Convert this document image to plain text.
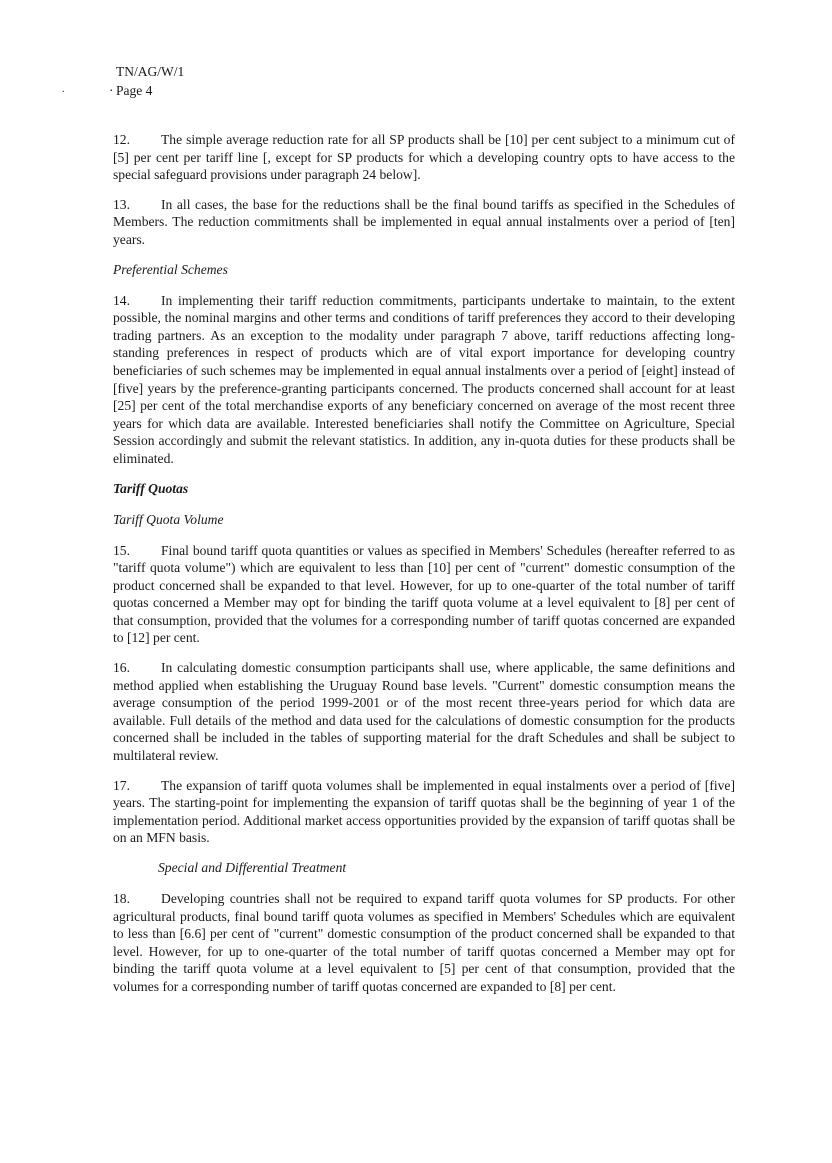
.
TN/AG/W/1
· Page 4

12. The simple average reduction rate for all SP products shall be [10] per cent subject to a minimum cut of [5] per cent per tariff line [, except for SP products for which a developing country opts to have access to the special safeguard provisions under paragraph 24 below].

13. In all cases, the base for the reductions shall be the final bound tariffs as specified in the Schedules of Members. The reduction commitments shall be implemented in equal annual instalments over a period of [ten] years.

Preferential Schemes

14. In implementing their tariff reduction commitments, participants undertake to maintain, to the extent possible, the nominal margins and other terms and conditions of tariff preferences they accord to their developing trading partners. As an exception to the modality under paragraph 7 above, tariff reductions affecting long-standing preferences in respect of products which are of vital export importance for developing country beneficiaries of such schemes may be implemented in equal annual instalments over a period of [eight] instead of [five] years by the preference-granting participants concerned. The products concerned shall account for at least [25] per cent of the total merchandise exports of any beneficiary concerned on average of the most recent three years for which data are available. Interested beneficiaries shall notify the Committee on Agriculture, Special Session accordingly and submit the relevant statistics. In addition, any in-quota duties for these products shall be eliminated.

Tariff Quotas
Tariff Quota Volume

15. Final bound tariff quota quantities or values as specified in Members' Schedules (hereafter referred to as "tariff quota volume") which are equivalent to less than [10] per cent of "current" domestic consumption of the product concerned shall be expanded to that level. However, for up to one-quarter of the total number of tariff quotas concerned a Member may opt for binding the tariff quota volume at a level equivalent to [8] per cent of that consumption, provided that the volumes for a corresponding number of tariff quotas concerned are expanded to [12] per cent.

16. In calculating domestic consumption participants shall use, where applicable, the same definitions and method applied when establishing the Uruguay Round base levels. "Current" domestic consumption means the average consumption of the period 1999-2001 or of the most recent three-years period for which data are available. Full details of the method and data used for the calculations of domestic consumption for the products concerned shall be included in the tables of supporting material for the draft Schedules and shall be subject to multilateral review.

17. The expansion of tariff quota volumes shall be implemented in equal instalments over a period of [five] years. The starting-point for implementing the expansion of tariff quotas shall be the beginning of year 1 of the implementation period. Additional market access opportunities provided by the expansion of tariff quotas shall be on an MFN basis.

Special and Differential Treatment

18. Developing countries shall not be required to expand tariff quota volumes for SP products. For other agricultural products, final bound tariff quota volumes as specified in Members' Schedules which are equivalent to less than [6.6] per cent of "current" domestic consumption of the product concerned shall be expanded to that level. However, for up to one-quarter of the total number of tariff quotas concerned a Member may opt for binding the tariff quota volume at a level equivalent to [5] per cent of that consumption, provided that the volumes for a corresponding number of tariff quotas concerned are expanded to [8] per cent.
